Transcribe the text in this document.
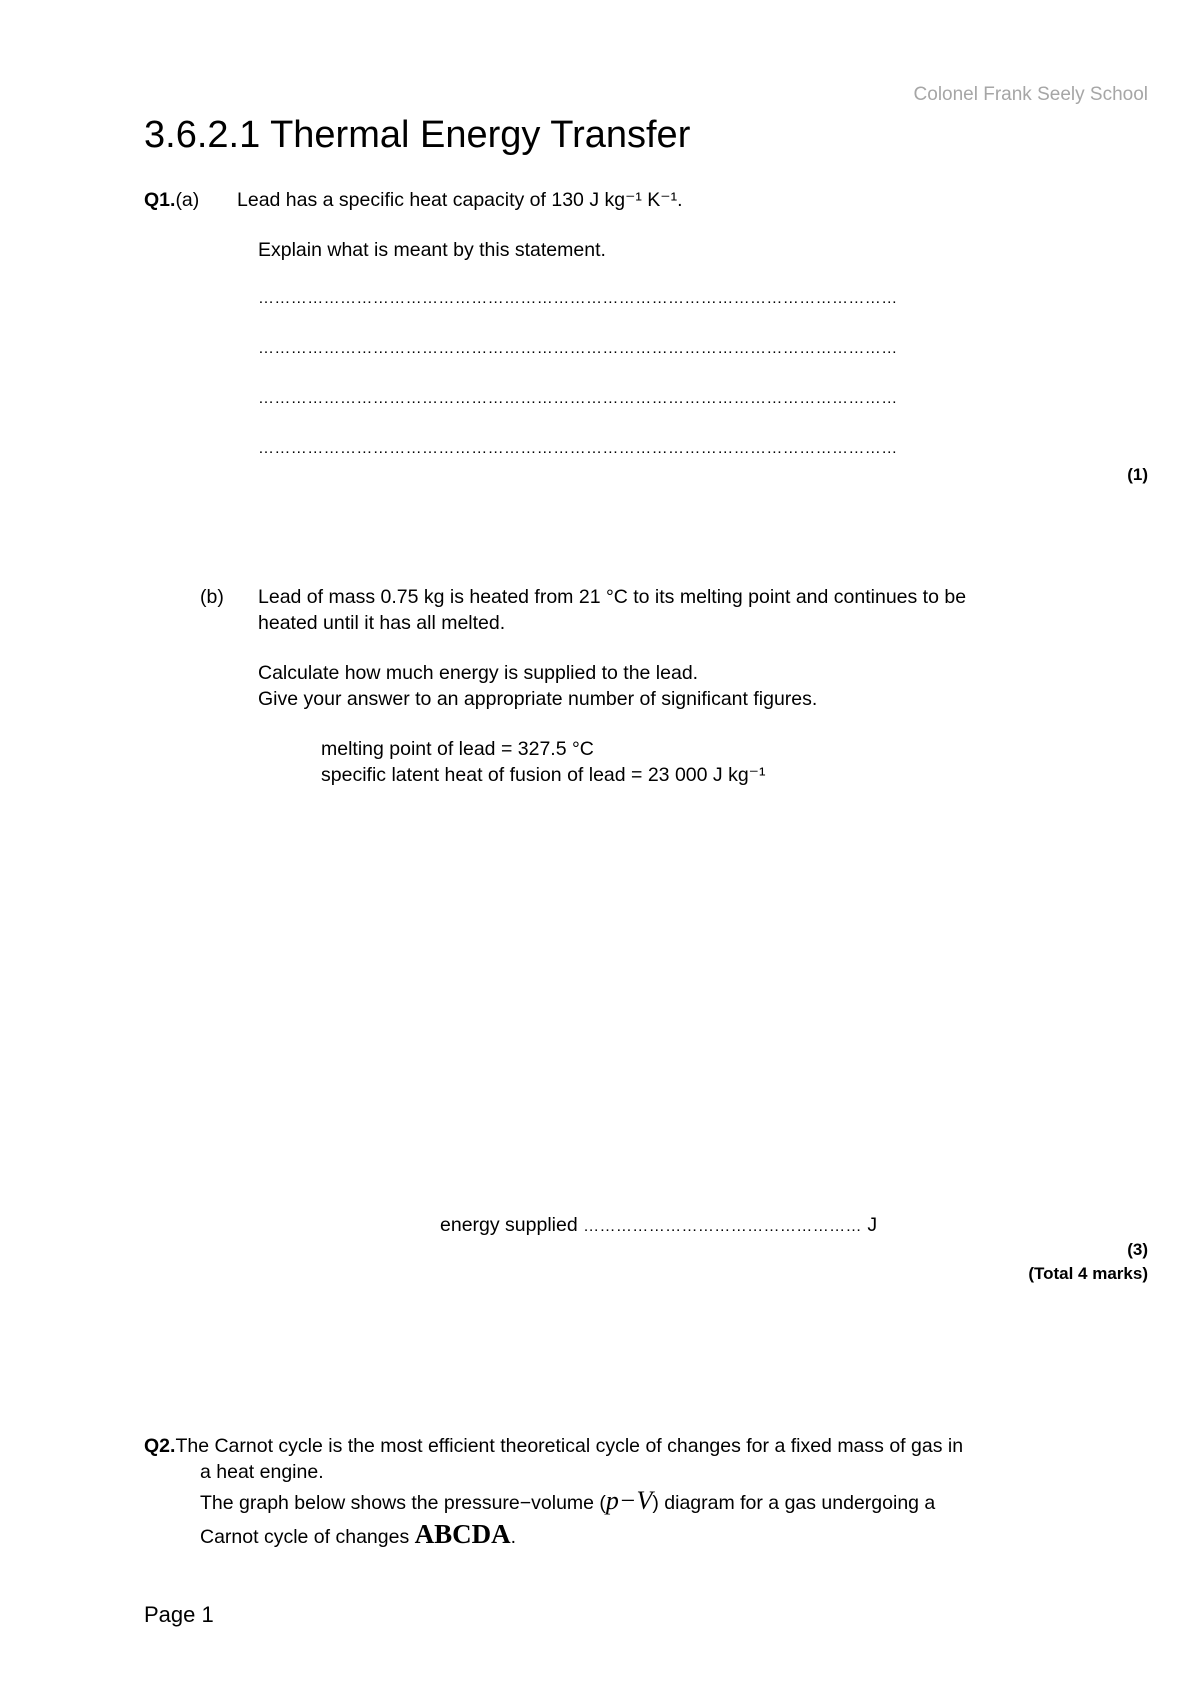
Colonel Frank Seely School
3.6.2.1 Thermal Energy Transfer
Q1.(a) Lead has a specific heat capacity of 130 J kg⁻¹ K⁻¹.
Explain what is meant by this statement.
………………………………………………………………………………………………………
………………………………………………………………………………………………………
………………………………………………………………………………………………………
………………………………………………………………………………………………………
(1)
(b) Lead of mass 0.75 kg is heated from 21 °C to its melting point and continues to be
heated until it has all melted.
Calculate how much energy is supplied to the lead.
Give your answer to an appropriate number of significant figures.
melting point of lead = 327.5 °C
specific latent heat of fusion of lead = 23 000 J kg⁻¹
energy supplied …………………………………………… J
(3)
(Total 4 marks)
Q2.The Carnot cycle is the most efficient theoretical cycle of changes for a fixed mass of gas in
a heat engine.
The graph below shows the pressure−volume (p−V) diagram for a gas undergoing a
Carnot cycle of changes ABCDA.
Page 1
